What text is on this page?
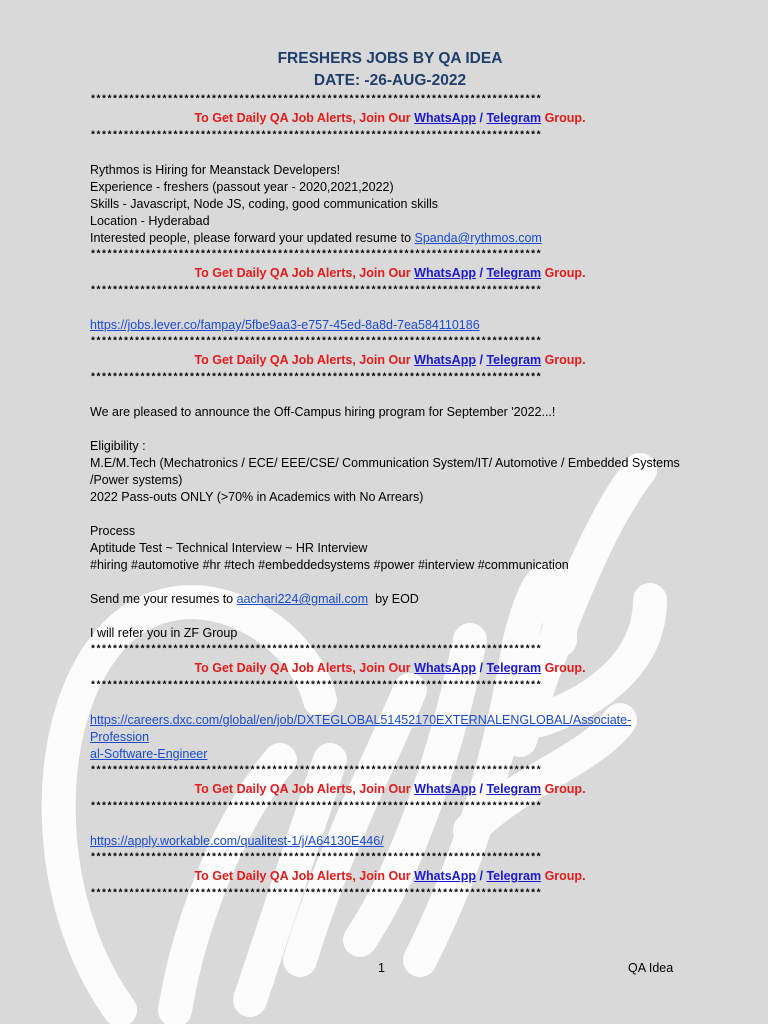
FRESHERS JOBS BY QA IDEA
DATE: -26-AUG-2022
**********************************************************************************
To Get Daily QA Job Alerts, Join Our WhatsApp / Telegram Group.
**********************************************************************************
Rythmos is Hiring for Meanstack Developers!
Experience - freshers (passout year - 2020,2021,2022)
Skills - Javascript, Node JS, coding, good communication skills
Location - Hyderabad
Interested people, please forward your updated resume to Spanda@rythmos.com
**********************************************************************************
To Get Daily QA Job Alerts, Join Our WhatsApp / Telegram Group.
**********************************************************************************
https://jobs.lever.co/fampay/5fbe9aa3-e757-45ed-8a8d-7ea584110186
**********************************************************************************
To Get Daily QA Job Alerts, Join Our WhatsApp / Telegram Group.
**********************************************************************************
We are pleased to announce the Off-Campus hiring program for September '2022...!
Eligibility :
M.E/M.Tech (Mechatronics / ECE/ EEE/CSE/ Communication System/IT/ Automotive / Embedded Systems
/Power systems)
2022 Pass-outs ONLY (>70% in Academics with No Arrears)
Process
Aptitude Test ~ Technical Interview ~ HR Interview
#hiring #automotive #hr #tech #embeddedsystems #power #interview #communication
Send me your resumes to aachari224@gmail.com  by EOD
I will refer you in ZF Group
**********************************************************************************
To Get Daily QA Job Alerts, Join Our WhatsApp / Telegram Group.
**********************************************************************************
https://careers.dxc.com/global/en/job/DXTEGLOBAL51452170EXTERNALENGLOBAL/Associate-Profession
al-Software-Engineer
**********************************************************************************
To Get Daily QA Job Alerts, Join Our WhatsApp / Telegram Group.
**********************************************************************************
https://apply.workable.com/qualitest-1/j/A64130E446/
**********************************************************************************
To Get Daily QA Job Alerts, Join Our WhatsApp / Telegram Group.
**********************************************************************************
1	QA Idea
